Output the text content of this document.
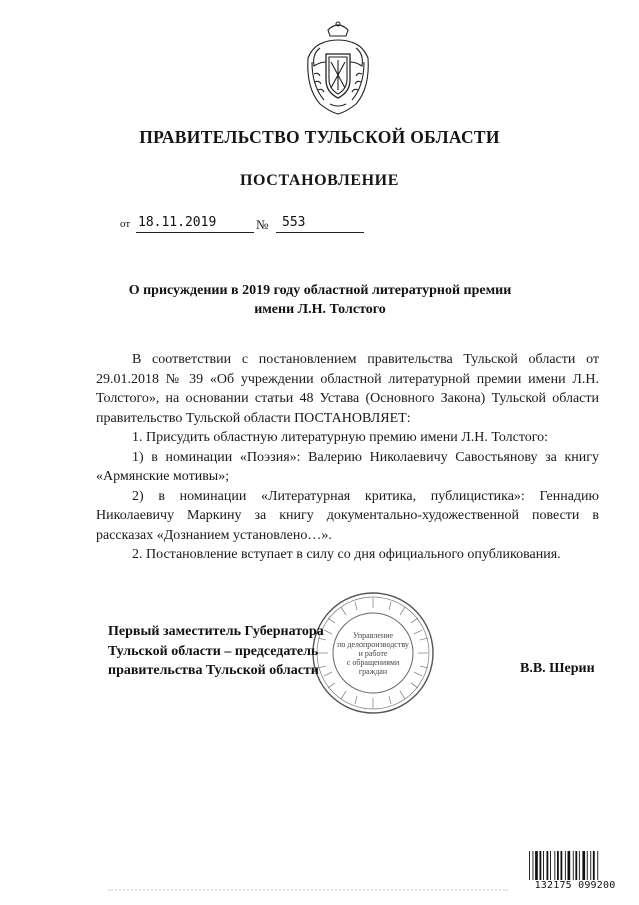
ПРАВИТЕЛЬСТВО ТУЛЬСКОЙ ОБЛАСТИ
ПОСТАНОВЛЕНИЕ
от 18.11.2019	№ 553
О присуждении в 2019 году областной литературной премии
имени Л.Н. Толстого

В соответствии с постановлением правительства Тульской области от 29.01.2018 № 39 «Об учреждении областной литературной премии имени Л.Н. Толстого», на основании статьи 48 Устава (Основного Закона) Тульской области правительство Тульской области ПОСТАНОВЛЯЕТ:

1. Присудить областную литературную премию имени Л.Н. Толстого:

1) в номинации «Поэзия»: Валерию Николаевичу Савостьянову за книгу «Армянские мотивы»;

2) в номинации «Литературная критика, публицистика»: Геннадию Николаевичу Маркину за книгу документально-художественной повести в рассказах «Дознанием установлено…».

2. Постановление вступает в силу со дня официального опубликования.

Управление
по делопроизводству
и работе
с обращениями
граждан
Первый заместитель Губернатора
Тульской области – председатель
правительства Тульской области	В.В. Шерин
132175 099200
